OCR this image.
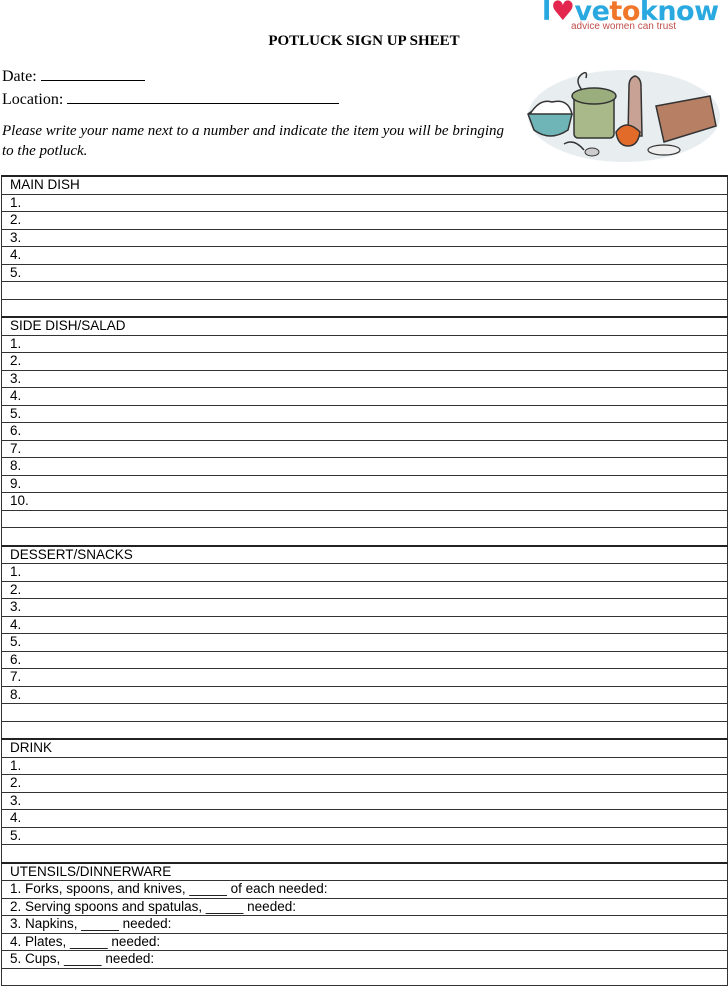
l♥vetoknow
advice women can trust
POTLUCK SIGN UP SHEET
Date:
Location:
Please write your name next to a number and indicate the item you will be bringing to the potluck.
MAIN DISH
1.
2.
3.
4.
5.

SIDE DISH/SALAD
1.
2.
3.
4.
5.
6.
7.
8.
9.
10.

DESSERT/SNACKS
1.
2.
3.
4.
5.
6.
7.
8.

DRINK
1.
2.
3.
4.
5.

UTENSILS/DINNERWARE
1. Forks, spoons, and knives, _____ of each needed:
2. Serving spoons and spatulas, _____ needed:
3. Napkins, _____ needed:
4. Plates, _____ needed:
5. Cups, _____ needed:
